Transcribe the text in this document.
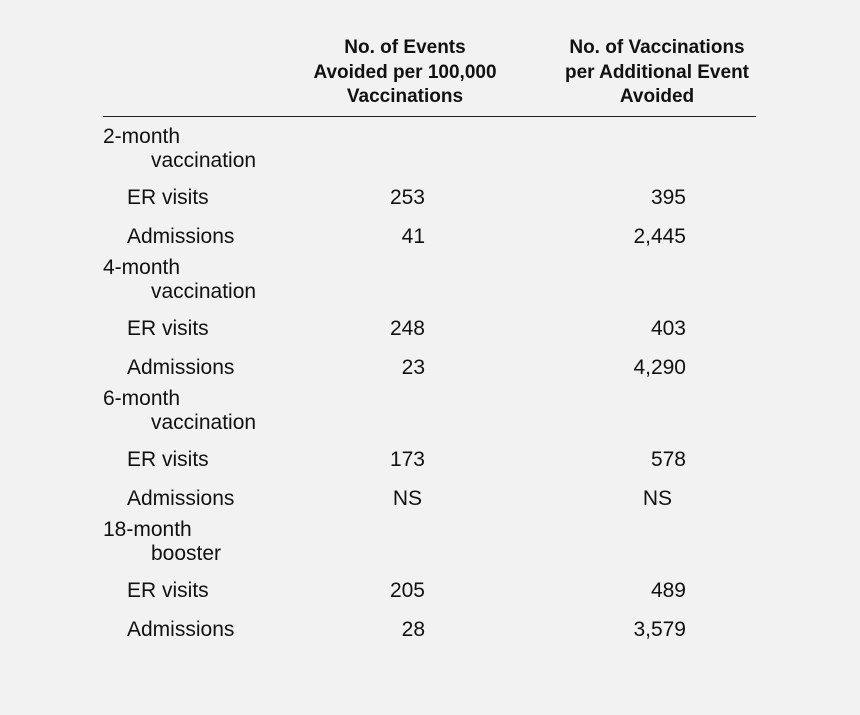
No. of Events
Avoided per 100,000
Vaccinations
No. of Vaccinations
per Additional Event
Avoided
2-month
vaccination
ER visits	253	395
Admissions	41	2,445
4-month
vaccination
ER visits	248	403
Admissions	23	4,290
6-month
vaccination
ER visits	173	578
Admissions	NS	NS
18-month
booster
ER visits	205	489
Admissions	28	3,579
